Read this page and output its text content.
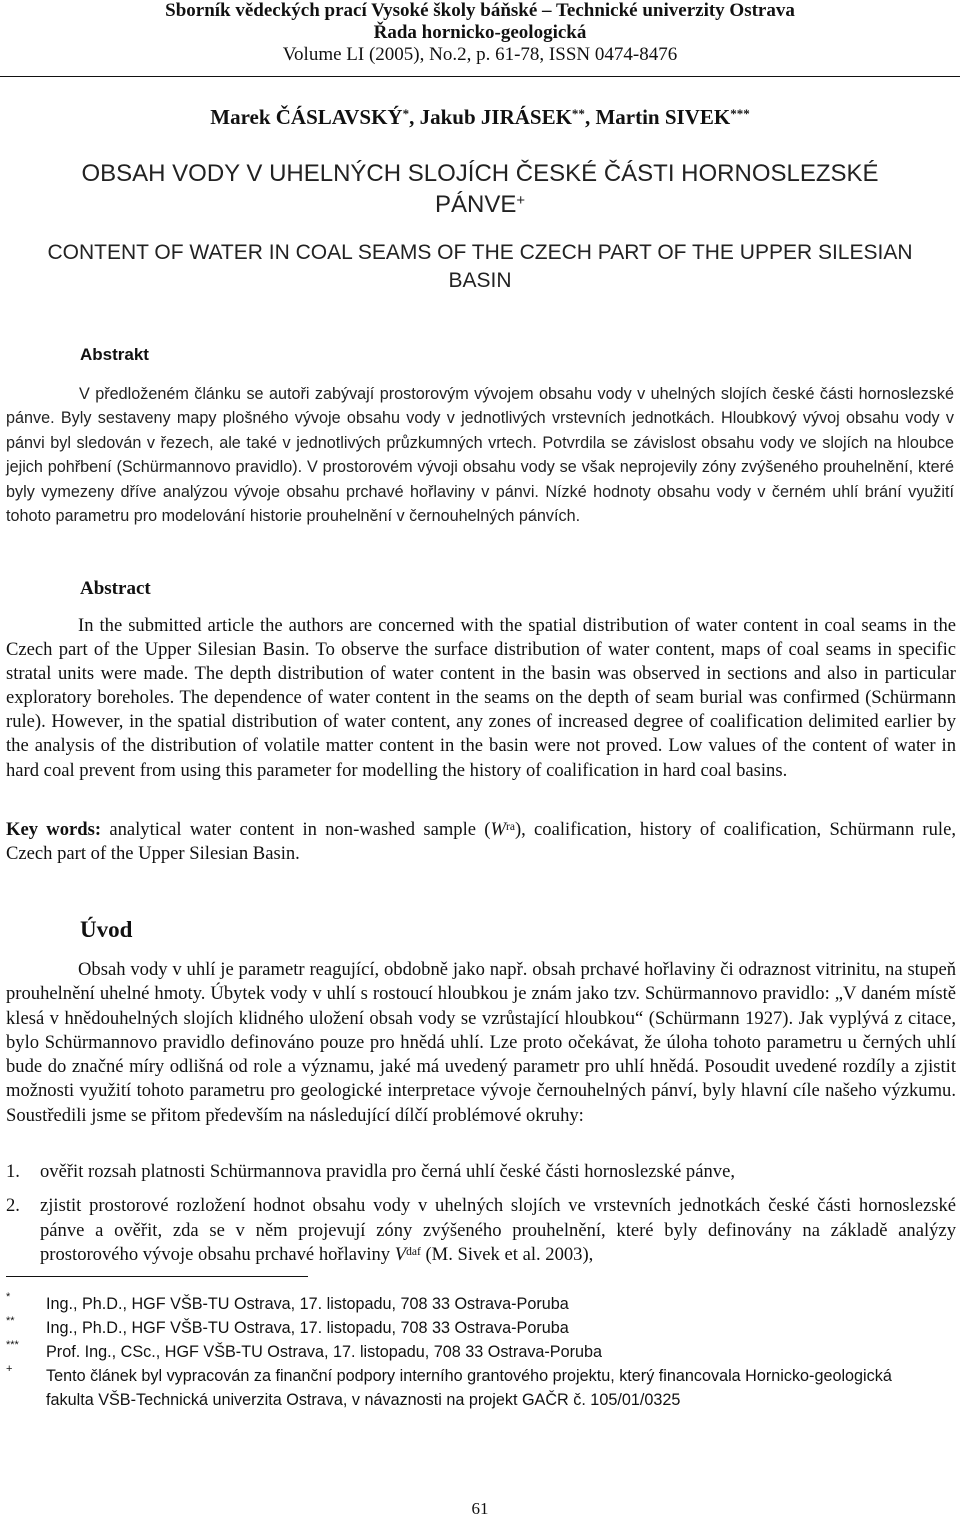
Sborník vědeckých prací Vysoké školy báňské – Technické univerzity Ostrava
Řada hornicko-geologická
Volume LI (2005), No.2, p. 61-78, ISSN 0474-8476
Marek ČÁSLAVSKÝ*, Jakub JIRÁSEK**, Martin SIVEK***
OBSAH VODY V UHELNÝCH SLOJÍCH ČESKÉ ČÁSTI HORNOSLEZSKÉ
PÁNVE+
CONTENT OF WATER IN COAL SEAMS OF THE CZECH PART OF THE UPPER SILESIAN
BASIN
Abstrakt

V předloženém článku se autoři zabývají prostorovým vývojem obsahu vody v uhelných slojích české části hornoslezské pánve. Byly sestaveny mapy plošného vývoje obsahu vody v jednotlivých vrstevních jednotkách. Hloubkový vývoj obsahu vody v pánvi byl sledován v řezech, ale také v jednotlivých průzkumných vrtech. Potvrdila se závislost obsahu vody ve slojích na hloubce jejich pohřbení (Schürmannovo pravidlo). V prostorovém vývoji obsahu vody se však neprojevily zóny zvýšeného prouhelnění, které byly vymezeny dříve analýzou vývoje obsahu prchavé hořlaviny v pánvi. Nízké hodnoty obsahu vody v černém uhlí brání využití tohoto parametru pro modelování historie prouhelnění v černouhelných pánvích.

Abstract

In the submitted article the authors are concerned with the spatial distribution of water content in coal seams in the Czech part of the Upper Silesian Basin. To observe the surface distribution of water content, maps of coal seams in specific stratal units were made. The depth distribution of water content in the basin was observed in sections and also in particular exploratory boreholes. The dependence of water content in the seams on the depth of seam burial was confirmed (Schürmann rule). However, in the spatial distribution of water content, any zones of increased degree of coalification delimited earlier by the analysis of the distribution of volatile matter content in the basin were not proved. Low values of the content of water in hard coal prevent from using this parameter for modelling the history of coalification in hard coal basins.

Key words: analytical water content in non-washed sample $(W^{ra})$, coalification, history of coalification, Schürmann rule, Czech part of the Upper Silesian Basin.
Úvod

Obsah vody v uhlí je parametr reagující, obdobně jako např. obsah prchavé hořlaviny či odraznost vitrinitu, na stupeň prouhelnění uhelné hmoty. Úbytek vody v uhlí s rostoucí hloubkou je znám jako tzv. Schürmannovo pravidlo: „V daném místě klesá v hnědouhelných slojích klidného uložení obsah vody se vzrůstající hloubkou“ (Schürmann 1927). Jak vyplývá z citace, bylo Schürmannovo pravidlo definováno pouze pro hnědá uhlí. Lze proto očekávat, že úloha tohoto parametru u černých uhlí bude do značné míry odlišná od role a významu, jaké má uvedený parametr pro uhlí hnědá. Posoudit uvedené rozdíly a zjistit možnosti využití tohoto parametru pro geologické interpretace vývoje černouhelných pánví, byly hlavní cíle našeho výzkumu. Soustředili jsme se přitom především na následující dílčí problémové okruhy:

1. ověřit rozsah platnosti Schürmannova pravidla pro černá uhlí české části hornoslezské pánve,
2. zjistit prostorové rozložení hodnot obsahu vody v uhelných slojích ve vrstevních jednotkách české části hornoslezské pánve a ověřit, zda se v něm projevují zóny zvýšeného prouhelnění, které byly definovány na základě analýzy prostorového vývoje obsahu prchavé hořlaviny $V^{daf}$ (M. Sivek et al. 2003),
* Ing., Ph.D., HGF VŠB-TU Ostrava, 17. listopadu, 708 33 Ostrava-Poruba
** Ing., Ph.D., HGF VŠB-TU Ostrava, 17. listopadu, 708 33 Ostrava-Poruba
*** Prof. Ing., CSc., HGF VŠB-TU Ostrava, 17. listopadu, 708 33 Ostrava-Poruba
+ Tento článek byl vypracován za finanční podpory interního grantového projektu, který financovala Hornicko-geologická fakulta VŠB-Technická univerzita Ostrava, v návaznosti na projekt GAČR č. 105/01/0325
61
